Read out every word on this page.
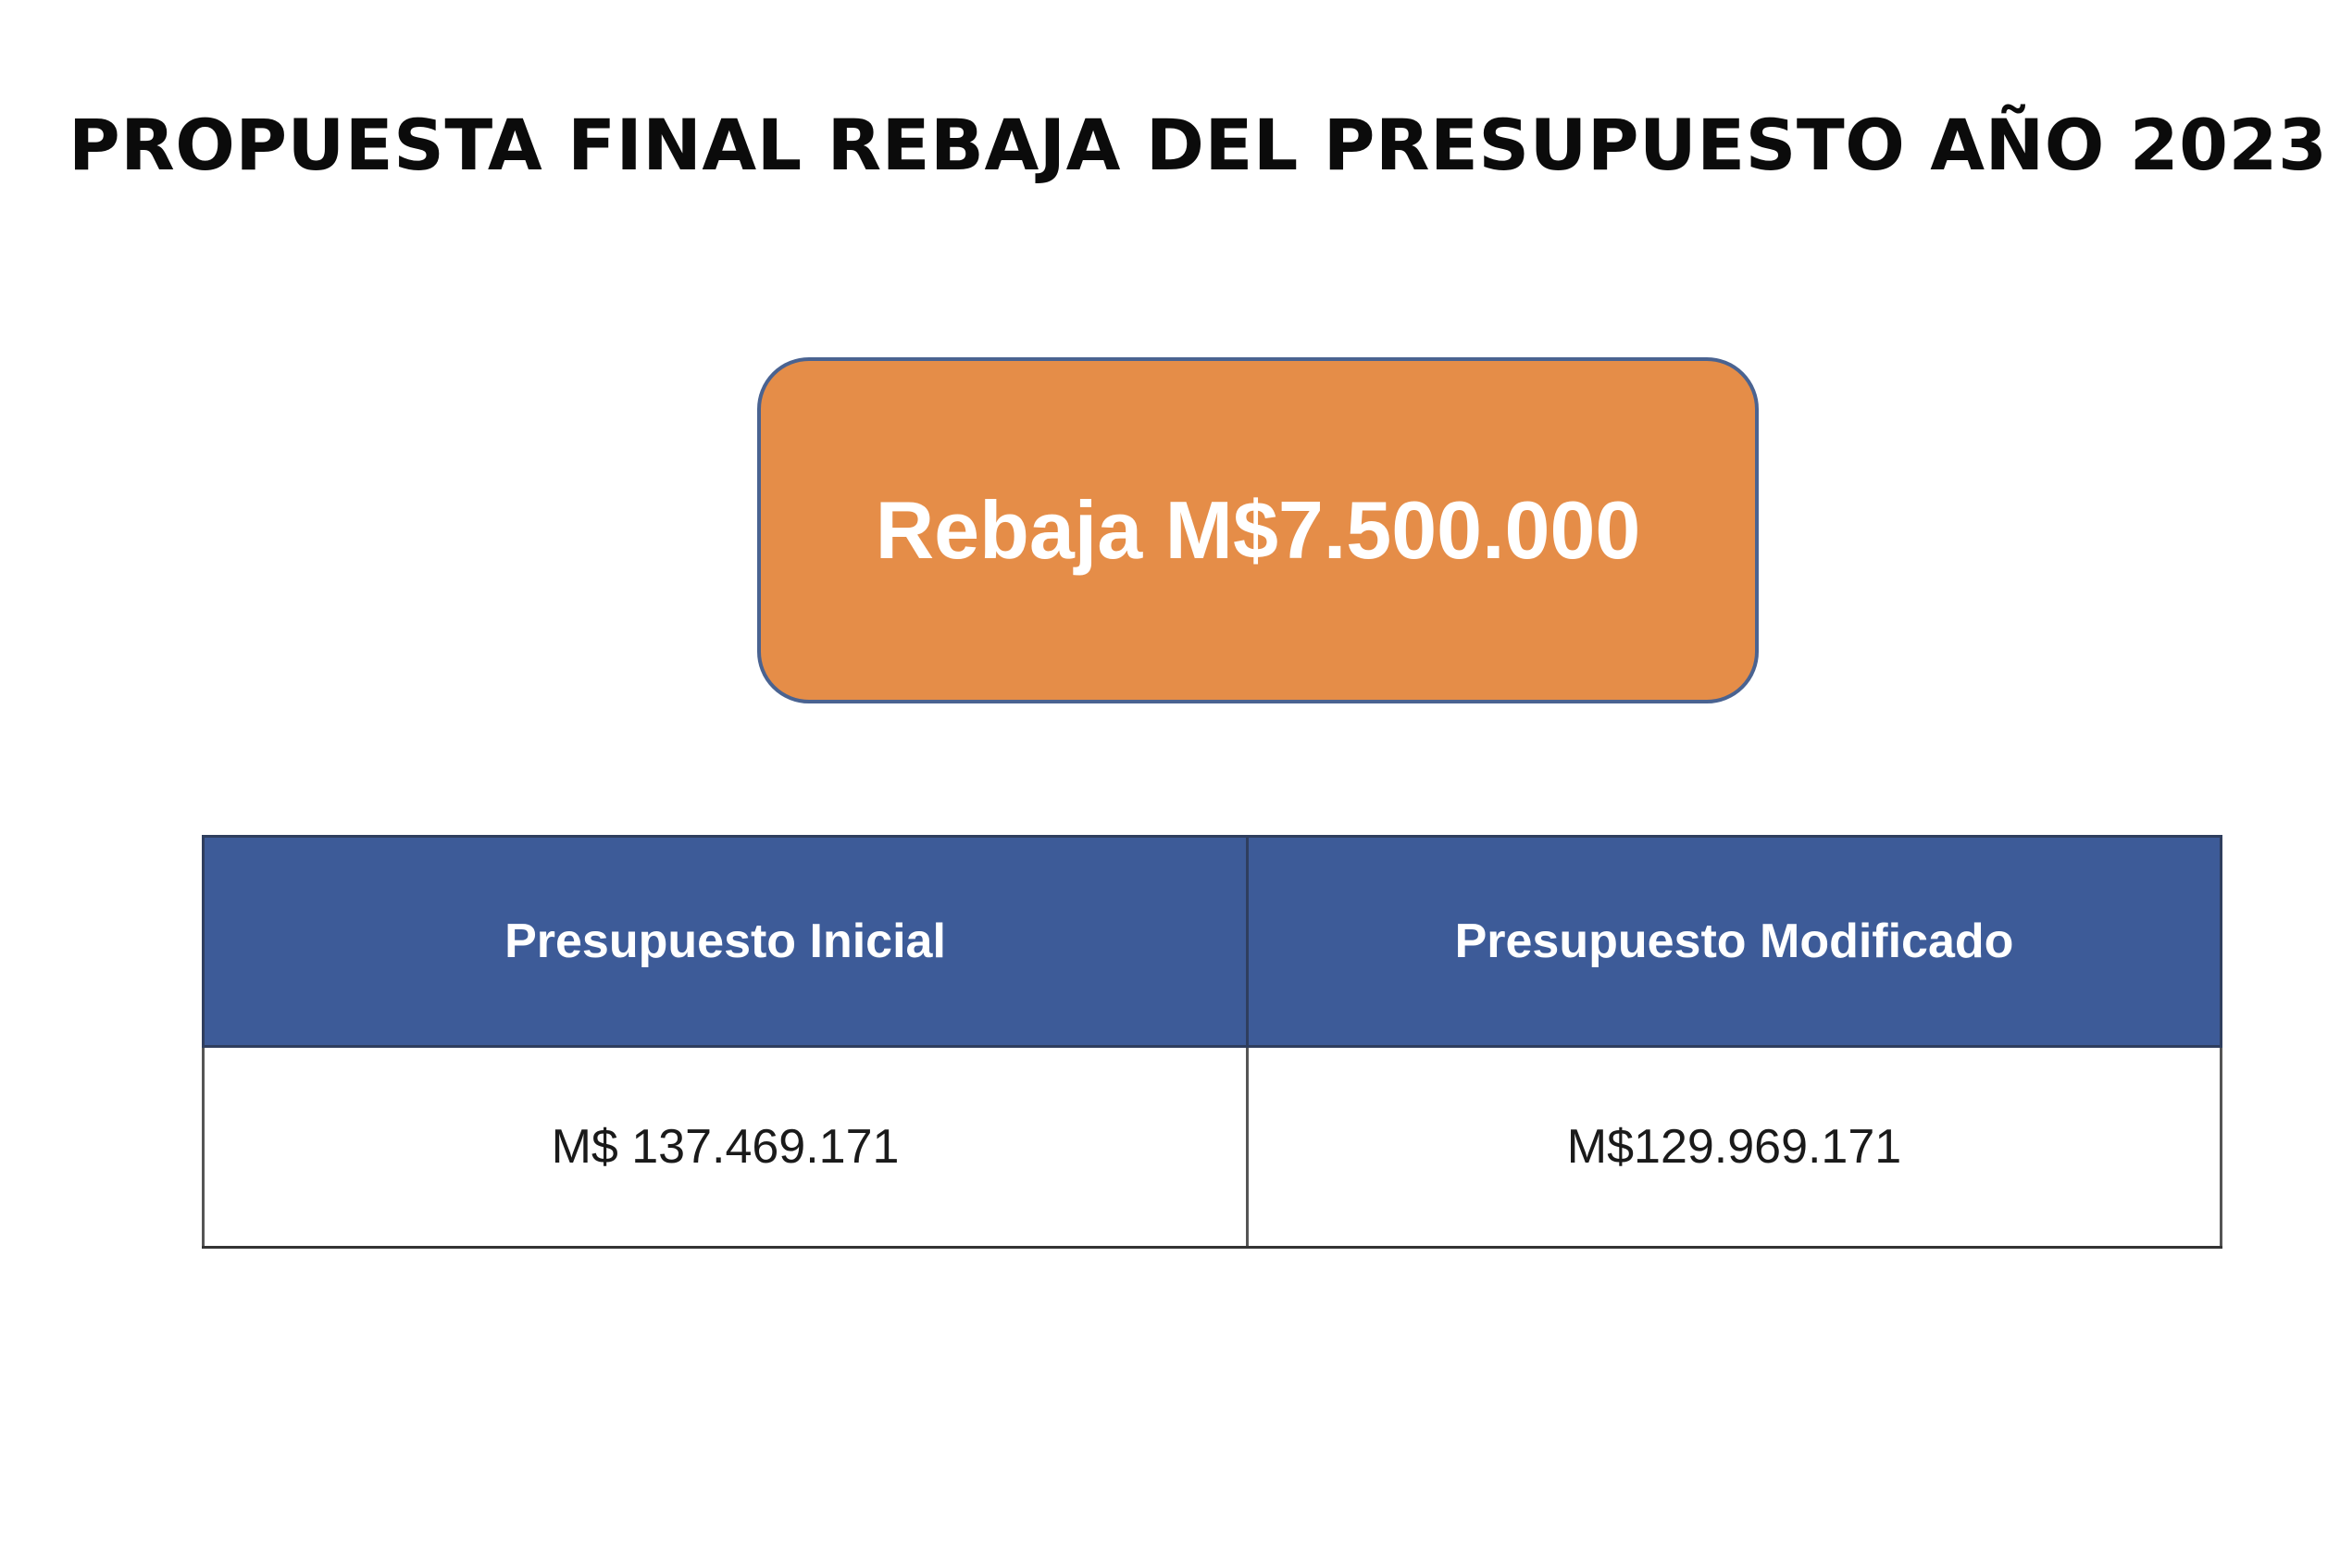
PROPUESTA FINAL REBAJA DEL PRESUPUESTO AÑO 2023
Rebaja M$7.500.000
Presupuesto Inicial	Presupuesto Modificado
M$ 137.469.171	M$129.969.171
